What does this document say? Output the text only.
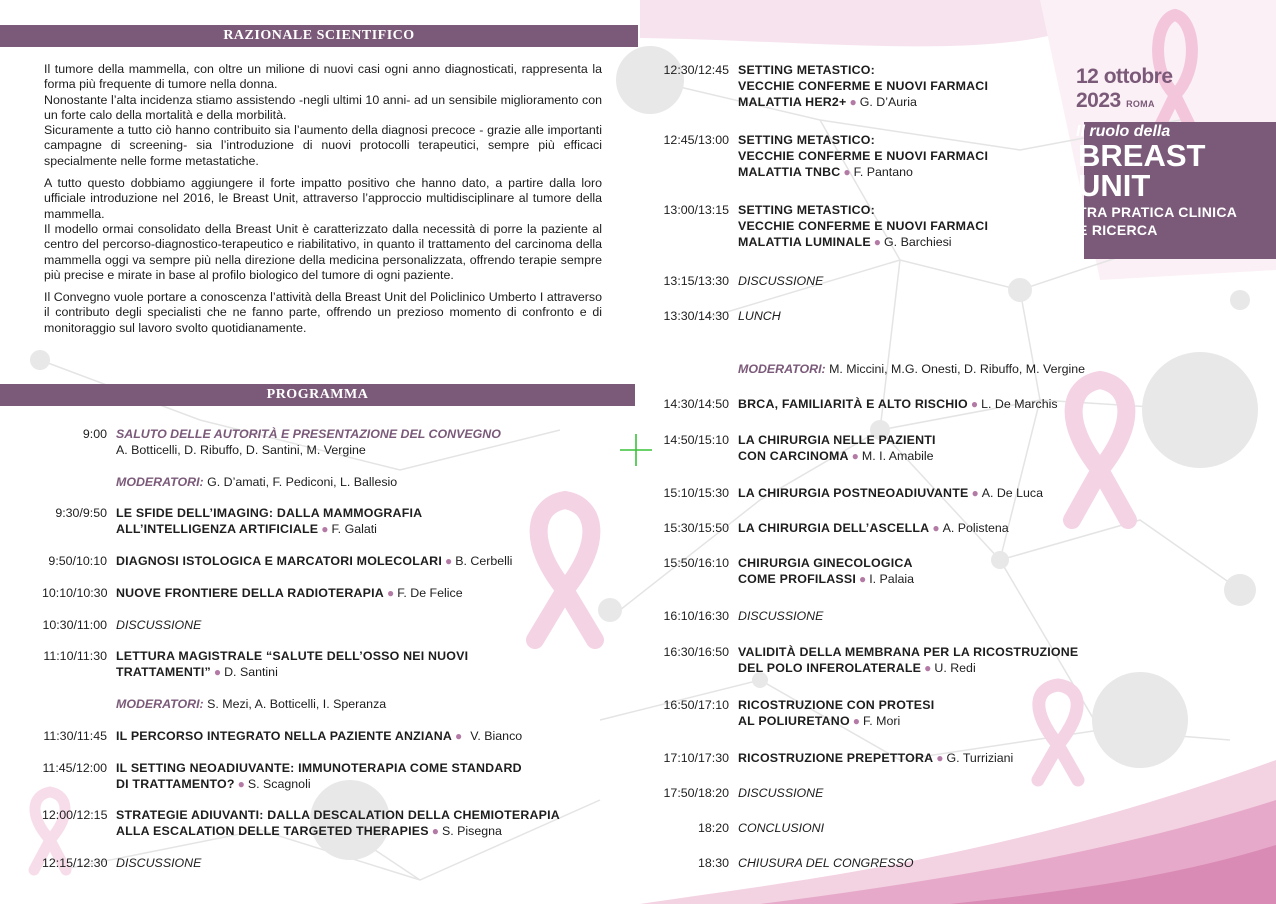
RAZIONALE SCIENTIFICO
PROGRAMMA

Il tumore della mammella, con oltre un milione di nuovi casi ogni anno diagnosticati, rappresenta la forma più frequente di tumore nella donna.
Nonostante l’alta incidenza stiamo assistendo -negli ultimi 10 anni- ad un sensibile miglioramento con un forte calo della mortalità e della morbilità.
Sicuramente a tutto ciò hanno contribuito sia l’aumento della diagnosi precoce - grazie alle importanti campagne di screening- sia l’introduzione di nuovi protocolli terapeutici, sempre più efficaci specialmente nelle forme metastatiche.

A tutto questo dobbiamo aggiungere il forte impatto positivo che hanno dato, a partire dalla loro ufficiale introduzione nel 2016, le Breast Unit, attraverso l’approccio multidisciplinare al tumore della mammella.
Il modello ormai consolidato della Breast Unit è caratterizzato dalla necessità di porre la paziente al centro del percorso-diagnostico-terapeutico e riabilitativo, in quanto il trattamento del carcinoma della mammella oggi va sempre più nella direzione della medicina personalizzata, offrendo terapie sempre più precise e mirate in base al profilo biologico del tumore di ogni paziente.

Il Convegno vuole portare a conoscenza l’attività della Breast Unit del Policlinico Umberto I attraverso il contributo degli specialisti che ne fanno parte, offrendo un prezioso momento di confronto e di monitoraggio sul lavoro svolto quotidianamente.

12 ottobre
2023 ROMA
Il ruolo della
BREAST
UNIT
TRA PRATICA CLINICA
E RICERCA
9:00 SALUTO DELLE AUTORITÀ E PRESENTAZIONE DEL CONVEGNO
A. Botticelli, D. Ribuffo, D. Santini, M. Vergine
MODERATORI: G. D’amati, F. Pediconi, L. Ballesio
9:30/9:50 LE SFIDE DELL’IMAGING: DALLA MAMMOGRAFIA
ALL’INTELLIGENZA ARTIFICIALE ● F. Galati
9:50/10:10 DIAGNOSI ISTOLOGICA E MARCATORI MOLECOLARI ● B. Cerbelli
10:10/10:30 NUOVE FRONTIERE DELLA RADIOTERAPIA ● F. De Felice
10:30/11:00 DISCUSSIONE
11:10/11:30 LETTURA MAGISTRALE “SALUTE DELL’OSSO NEI NUOVI
TRATTAMENTI” ● D. Santini
MODERATORI: S. Mezi, A. Botticelli, I. Speranza
11:30/11:45 IL PERCORSO INTEGRATO NELLA PAZIENTE ANZIANA ● V. Bianco
11:45/12:00 IL SETTING NEOADIUVANTE: IMMUNOTERAPIA COME STANDARD
DI TRATTAMENTO? ● S. Scagnoli
12:00/12:15 STRATEGIE ADIUVANTI: DALLA DESCALATION DELLA CHEMIOTERAPIA
ALLA ESCALATION DELLE TARGETED THERAPIES ● S. Pisegna
12:15/12:30 DISCUSSIONE
12:30/12:45 SETTING METASTICO:
VECCHIE CONFERME E NUOVI FARMACI
MALATTIA HER2+ ● G. D’Auria
12:45/13:00 SETTING METASTICO:
VECCHIE CONFERME E NUOVI FARMACI
MALATTIA TNBC ● F. Pantano
13:00/13:15 SETTING METASTICO:
VECCHIE CONFERME E NUOVI FARMACI
MALATTIA LUMINALE ● G. Barchiesi
13:15/13:30 DISCUSSIONE
13:30/14:30 LUNCH
MODERATORI: M. Miccini, M.G. Onesti, D. Ribuffo, M. Vergine
14:30/14:50 BRCA, FAMILIARITÀ E ALTO RISCHIO ● L. De Marchis
14:50/15:10 LA CHIRURGIA NELLE PAZIENTI
CON CARCINOMA ● M. I. Amabile
15:10/15:30 LA CHIRURGIA POSTNEOADIUVANTE ● A. De Luca
15:30/15:50 LA CHIRURGIA DELL’ASCELLA ● A. Polistena
15:50/16:10 CHIRURGIA GINECOLOGICA
COME PROFILASSI ● I. Palaia
16:10/16:30 DISCUSSIONE
16:30/16:50 VALIDITÀ DELLA MEMBRANA PER LA RICOSTRUZIONE
DEL POLO INFEROLATERALE ● U. Redi
16:50/17:10 RICOSTRUZIONE CON PROTESI
AL POLIURETANO ● F. Mori
17:10/17:30 RICOSTRUZIONE PREPETTORA ● G. Turriziani
17:50/18:20 DISCUSSIONE
18:20 CONCLUSIONI
18:30 CHIUSURA DEL CONGRESSO
